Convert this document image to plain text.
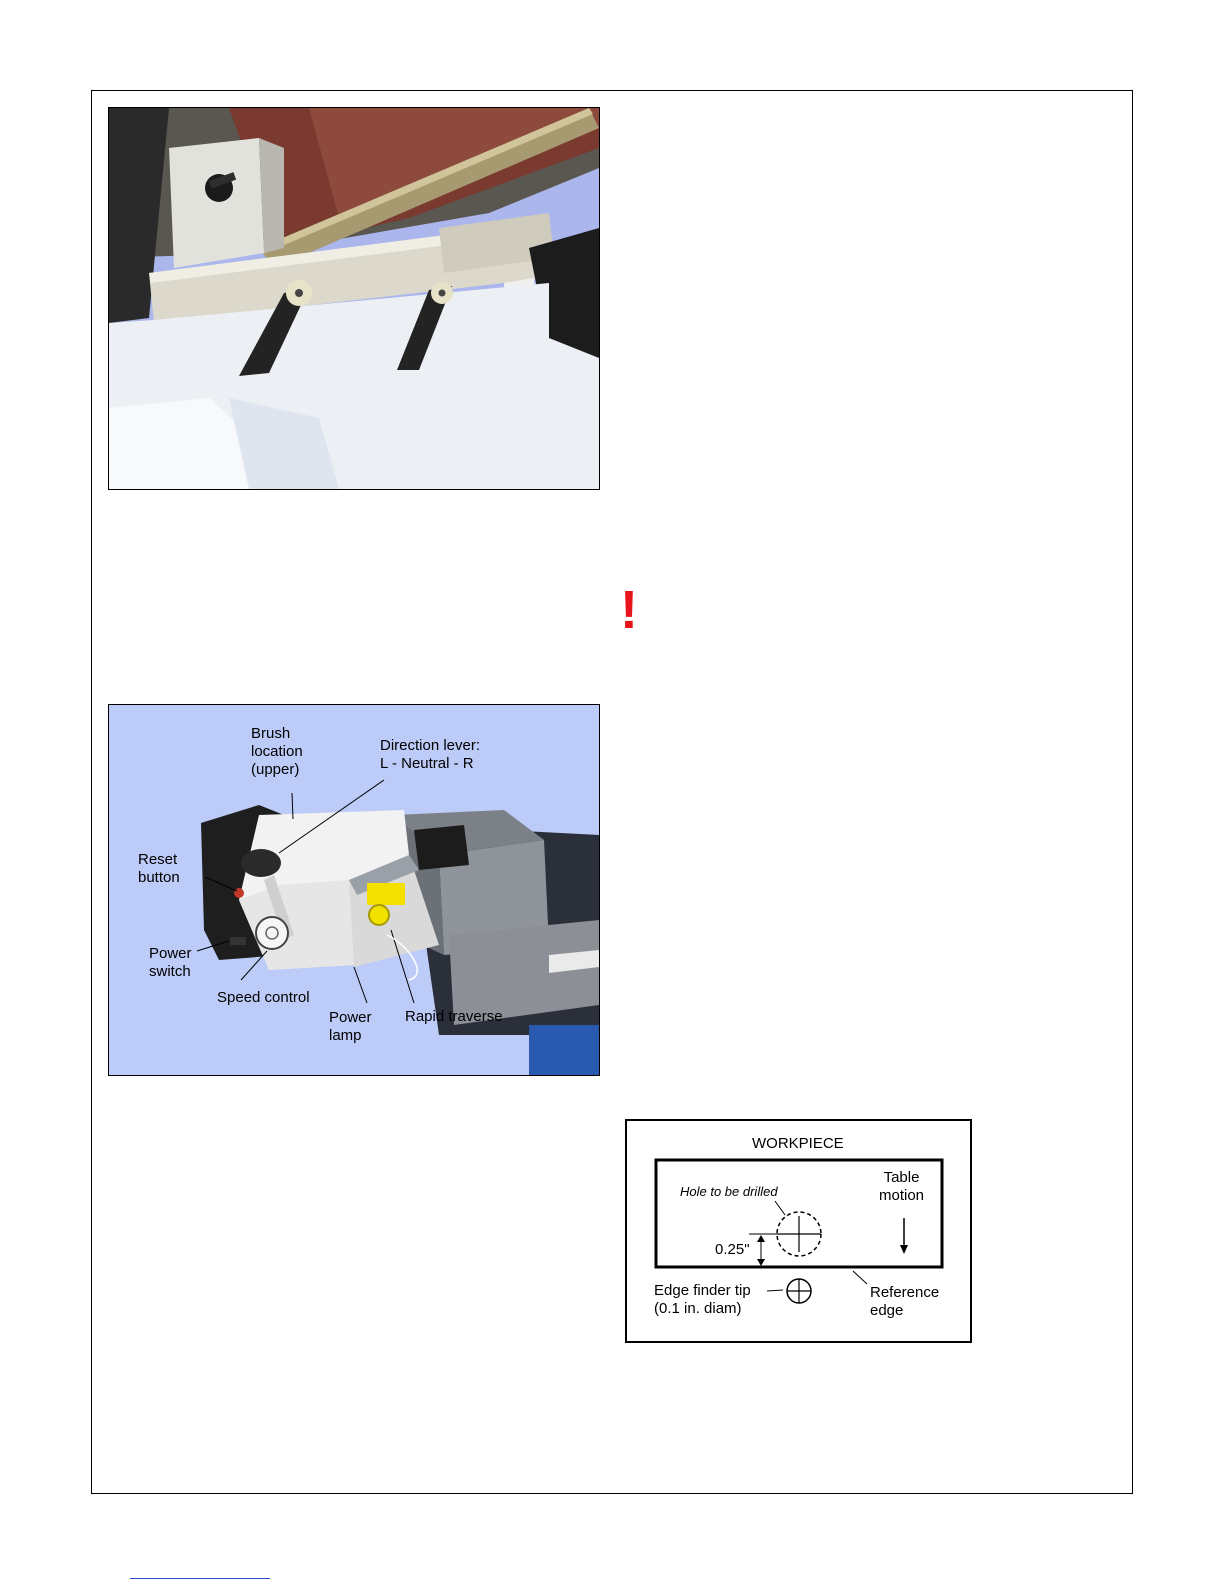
!
Brush
location
(upper)
Direction lever:
L - Neutral - R
Reset
button
Power
switch
Speed control
Power
lamp
Rapid traverse
WORKPIECE
Hole to be drilled
Table
motion
0.25"
Edge finder tip
(0.1 in. diam)
Reference
edge
